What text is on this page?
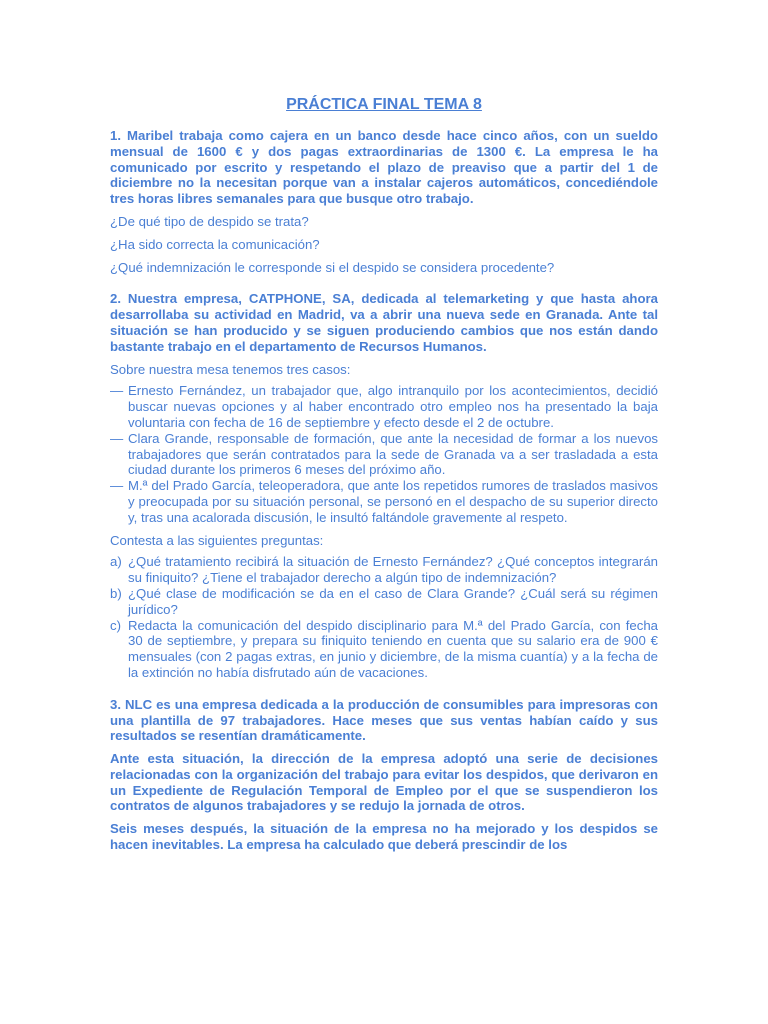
PRÁCTICA FINAL TEMA 8

1. Maribel trabaja como cajera en un banco desde hace cinco años, con un sueldo mensual de 1600 € y dos pagas extraordinarias de 1300 €. La empresa le ha comunicado por escrito y respetando el plazo de preaviso que a partir del 1 de diciembre no la necesitan porque van a instalar cajeros automáticos, concediéndole tres horas libres semanales para que busque otro trabajo.

¿De qué tipo de despido se trata?

¿Ha sido correcta la comunicación?

¿Qué indemnización le corresponde si el despido se considera procedente?

2. Nuestra empresa, CATPHONE, SA, dedicada al telemarketing y que hasta ahora desarrollaba su actividad en Madrid, va a abrir una nueva sede en Granada. Ante tal situación se han producido y se siguen produciendo cambios que nos están dando bastante trabajo en el departamento de Recursos Humanos.

Sobre nuestra mesa tenemos tres casos:

— Ernesto Fernández, un trabajador que, algo intranquilo por los acontecimientos, decidió buscar nuevas opciones y al haber encontrado otro empleo nos ha presentado la baja voluntaria con fecha de 16 de septiembre y efecto desde el 2 de octubre.

— Clara Grande, responsable de formación, que ante la necesidad de formar a los nuevos trabajadores que serán contratados para la sede de Granada va a ser trasladada a esta ciudad durante los primeros 6 meses del próximo año.

— M.ª del Prado García, teleoperadora, que ante los repetidos rumores de traslados masivos y preocupada por su situación personal, se personó en el despacho de su superior directo y, tras una acalorada discusión, le insultó faltándole gravemente al respeto.

Contesta a las siguientes preguntas:

a) ¿Qué tratamiento recibirá la situación de Ernesto Fernández? ¿Qué conceptos integrarán su finiquito? ¿Tiene el trabajador derecho a algún tipo de indemnización?

b) ¿Qué clase de modificación se da en el caso de Clara Grande? ¿Cuál será su régimen jurídico?

c) Redacta la comunicación del despido disciplinario para M.ª del Prado García, con fecha 30 de septiembre, y prepara su finiquito teniendo en cuenta que su salario era de 900 € mensuales (con 2 pagas extras, en junio y diciembre, de la misma cuantía) y a la fecha de la extinción no había disfrutado aún de vacaciones.

3. NLC es una empresa dedicada a la producción de consumibles para impresoras con una plantilla de 97 trabajadores. Hace meses que sus ventas habían caído y sus resultados se resentían dramáticamente.

Ante esta situación, la dirección de la empresa adoptó una serie de decisiones relacionadas con la organización del trabajo para evitar los despidos, que derivaron en un Expediente de Regulación Temporal de Empleo por el que se suspendieron los contratos de algunos trabajadores y se redujo la jornada de otros.

Seis meses después, la situación de la empresa no ha mejorado y los despidos se hacen inevitables. La empresa ha calculado que deberá prescindir de los
